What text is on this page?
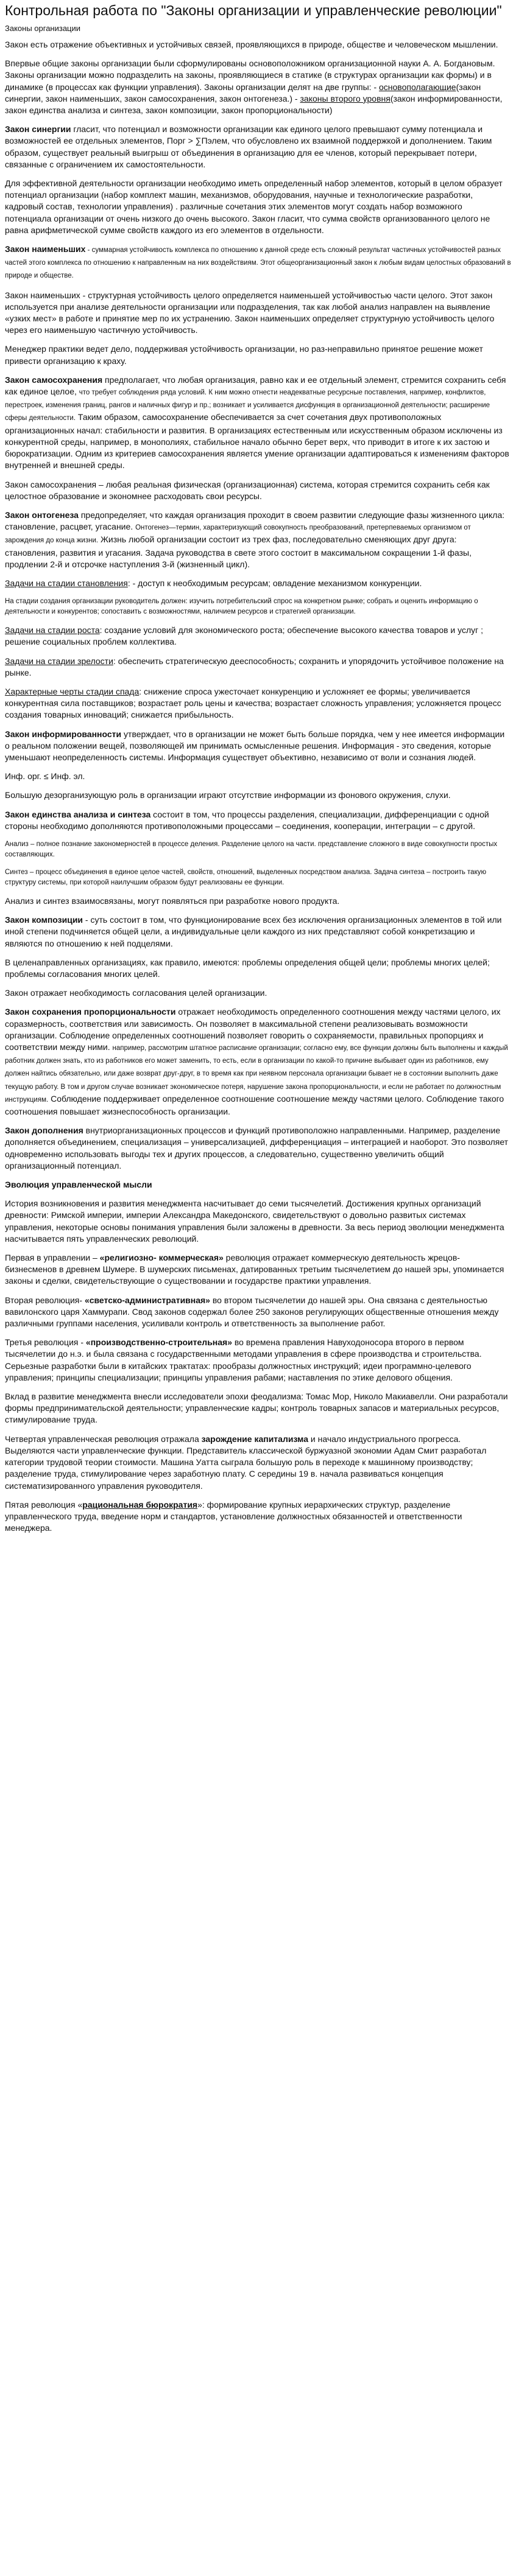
Контрольная работа по "Законы организации и управленческие революции"
Законы организации

Закон есть отражение объективных и устойчивых связей, проявляющихся в природе, обществе и человеческом мышлении.

Впервые общие законы организации были сформулированы основоположником организационной науки А. А. Богдановым. Законы организации можно подразделить на законы, проявляющиеся в статике (в структурах организации как формы) и в динамике (в процессах как функции управления). Законы организации делят на две группы: - основополагающие(закон синергии, закон наименьших, закон самосохранения, закон онтогенеза.) - законы второго уровня(закон информированности, закон единства анализа и синтеза, закон композиции, закон пропорциональности)

Закон синергии гласит, что потенциал и возможности организации как единого целого превышают сумму потенциала и возможностей ее отдельных элементов, Порг > ∑Пэлем, что обусловлено их взаимной поддержкой и дополнением. Таким образом, существует реальный выигрыш от объединения в организацию для ее членов, который перекрывает потери, связанные с ограничением их самостоятельности.

Для эффективной деятельности организации необходимо иметь определенный набор элементов, который в целом образует потенциал организации (набор комплект машин, механизмов, оборудования, научные и технологические разработки, кадровый состав, технологии управления) . различные сочетания этих элементов могут создать набор возможного потенциала организации от очень низкого до очень высокого. Закон гласит, что сумма свойств организованного целого не равна арифметической сумме свойств каждого из его элементов в отдельности.

Закон наименьших - суммарная устойчивость комплекса по отношению к данной среде есть сложный результат частичных устойчивостей разных частей этого комплекса по отношению к направленным на них воздействиям. Этот общеорганизационный закон к любым видам целостных образований в природе и обществе.

Закон наименьших - структурная устойчивость целого определяется наименьшей устойчивостью части целого. Этот закон используется при анализе деятельности организации или подразделения, так как любой анализ направлен на выявление «узких мест» в работе и принятие мер по их устранению. Закон наименьших определяет структурную устойчивость целого через его наименьшую частичную устойчивость.

Менеджер практики ведет дело, поддерживая устойчивость организации, но раз-неправильно принятое решение может привести организацию к краху.

Закон самосохранения предполагает, что любая организация, равно как и ее отдельный элемент, стремится сохранить себя как единое целое, что требует соблюдения ряда условий. К ним можно отнести неадекватные ресурсные поставления, например, конфликтов, перестроек, изменения границ, рангов и наличных фигур и пр.; возникает и усиливается дисфункция в организационной деятельности; расширение сферы деятельности. Таким образом, самосохранение обеспечивается за счет сочетания двух противоположных организационных начал: стабильности и развития. В организациях естественным или искусственным образом исключены из конкурентной среды, например, в монополиях, стабильное начало обычно берет верх, что приводит в итоге к их застою и бюрократизации. Одним из критериев самосохранения является умение организации адаптироваться к изменениям факторов внутренней и внешней среды.

Закон самосохранения – любая реальная физическая (организационная) система, которая стремится сохранить себя как целостное образование и экономнее расходовать свои ресурсы.

Закон онтогенеза предопределяет, что каждая организация проходит в своем развитии следующие фазы жизненного цикла: становление, расцвет, угасание. Онтогенез—термин, характеризующий совокупность преобразований, претерпеваемых организмом от зарождения до конца жизни. Жизнь любой организации состоит из трех фаз, последовательно сменяющих друг друга: становления, развития и угасания. Задача руководства в свете этого состоит в максимальном сокращении 1-й фазы, продлении 2-й и отсрочке наступления 3-й (жизненный цикл).

Задачи на стадии становления: - доступ к необходимым ресурсам; овладение механизмом конкуренции.

На стадии создания организации руководитель должен: изучить потребительский спрос на конкретном рынке; собрать и оценить информацию о деятельности и конкурентов; сопоставить с возможностями, наличием ресурсов и стратегией организации.

Задачи на стадии роста: создание условий для экономического роста; обеспечение высокого качества товаров и услуг ; решение социальных проблем коллектива.

Задачи на стадии зрелости: обеспечить стратегическую дееспособность; сохранить и упорядочить устойчивое положение на рынке.

Характерные черты стадии спада: снижение спроса ужесточает конкуренцию и усложняет ее формы; увеличивается конкурентная сила поставщиков; возрастает роль цены и качества; возрастает сложность управления; усложняется процесс создания товарных инноваций; снижается прибыльность.

Закон информированности утверждает, что в организации не может быть больше порядка, чем у нее имеется информации о реальном положении вещей, позволяющей им принимать осмысленные решения. Информация - это сведения, которые уменьшают неопределенность системы. Информация существует объективно, независимо от воли и сознания людей.

Инф. орг. ≤ Инф. эл.

Большую дезорганизующую роль в организации играют отсутствие информации из фонового окружения, слухи.

Закон единства анализа и синтеза состоит в том, что процессы разделения, специализации, дифференциации с одной стороны необходимо дополняются противоположными процессами – соединения, кооперации, интеграции – с другой.

Анализ – полное познание закономерностей в процессе деления. Разделение целого на части. представление сложного в виде совокупности простых составляющих.

Синтез – процесс объединения в единое целое частей, свойств, отношений, выделенных посредством анализа. Задача синтеза – построить такую структуру системы, при которой наилучшим образом будут реализованы ее функции.

Анализ и синтез взаимосвязаны, могут появляться при разработке нового продукта.

Закон композиции - суть состоит в том, что функционирование всех без исключения организационных элементов в той или иной степени подчиняется общей цели, а индивидуальные цели каждого из них представляют собой конкретизацию и являются по отношению к ней подцелями.

В целенаправленных организациях, как правило, имеются: проблемы определения общей цели; проблемы многих целей; проблемы согласования многих целей.

Закон отражает необходимость согласования целей организации.

Закон сохранения пропорциональности отражает необходимость определенного соотношения между частями целого, их соразмерность, соответствия или зависимость. Он позволяет в максимальной степени реализовывать возможности организации. Соблюдение определенных соотношений позволяет говорить о сохраняемости, правильных пропорциях и соответствии между ними. например, рассмотрим штатное расписание организации; согласно ему, все функции должны быть выполнены и каждый работник должен знать, кто из работников его может заменить, то есть, если в организации по какой-то причине выбывает один из работников, ему должен найтись обязательно, или даже возврат друг-друг, в то время как при неявном персонала организации бывает не в состоянии выполнить даже текущую работу. В том и другом случае возникает экономическое потеря, нарушение закона пропорциональности, и если не работает по должностным инструкциям. Соблюдение поддерживает определенное соотношение соотношение между частями целого. Соблюдение такого соотношения повышает жизнеспособность организации.

Закон дополнения внутриорганизационных процессов и функций противоположно направленными. Например, разделение дополняется объединением, специализация – универсализацией, дифференциация – интеграцией и наоборот. Это позволяет одновременно использовать выгоды тех и других процессов, а следовательно, существенно увеличить общий организационный потенциал.

Эволюция управленческой мысли

История возникновения и развития менеджмента насчитывает до семи тысячелетий. Достижения крупных организаций древности: Римской империи, империи Александра Македонского, свидетельствуют о довольно развитых системах управления, некоторые основы понимания управления были заложены в древности. За весь период эволюции менеджмента насчитывается пять управленческих революций.

Первая в управлении – «религиозно- коммерческая» революция отражает коммерческую деятельность жрецов- бизнесменов в древнем Шумере. В шумерских письменах, датированных третьим тысячелетием до нашей эры, упоминается законы и сделки, свидетельствующие о существовании и государстве практики управления.

Вторая революция- «светско-административная» во втором тысячелетии до нашей эры. Она связана с деятельностью вавилонского царя Хаммурапи. Свод законов содержал более 250 законов регулирующих общественные отношения между различными группами населения, усиливали контроль и ответственность за выполнение работ.

Третья революция - «производственно-строительная» во времена правления Навуходоносора второго в первом тысячелетии до н.э. и была связана с государственными методами управления в сфере производства и строительства. Серьезные разработки были в китайских трактатах: прообразы должностных инструкций; идеи программно-целевого управления; принципы специализации; принципы управления рабами; наставления по этике делового общения.

Вклад в развитие менеджмента внесли исследователи эпохи феодализма: Томас Мор, Николо Макиавелли. Они разработали формы предпринимательской деятельности; управленческие кадры; контроль товарных запасов и материальных ресурсов, стимулирование труда.

Четвертая управленческая революция отражала зарождение капитализма и начало индустриального прогресса. Выделяются части управленческие функции. Представитель классической буржуазной экономии Адам Смит разработал категории трудовой теории стоимости. Машина Уатта сыграла большую роль в переходе к машинному производству; разделение труда, стимулирование через заработную плату. С середины 19 в. начала развиваться концепция систематизированного управления руководителя.

Пятая революция «рациональная бюрократия»: формирование крупных иерархических структур, разделение управленческого труда, введение норм и стандартов, установление должностных обязанностей и ответственности менеджера.
